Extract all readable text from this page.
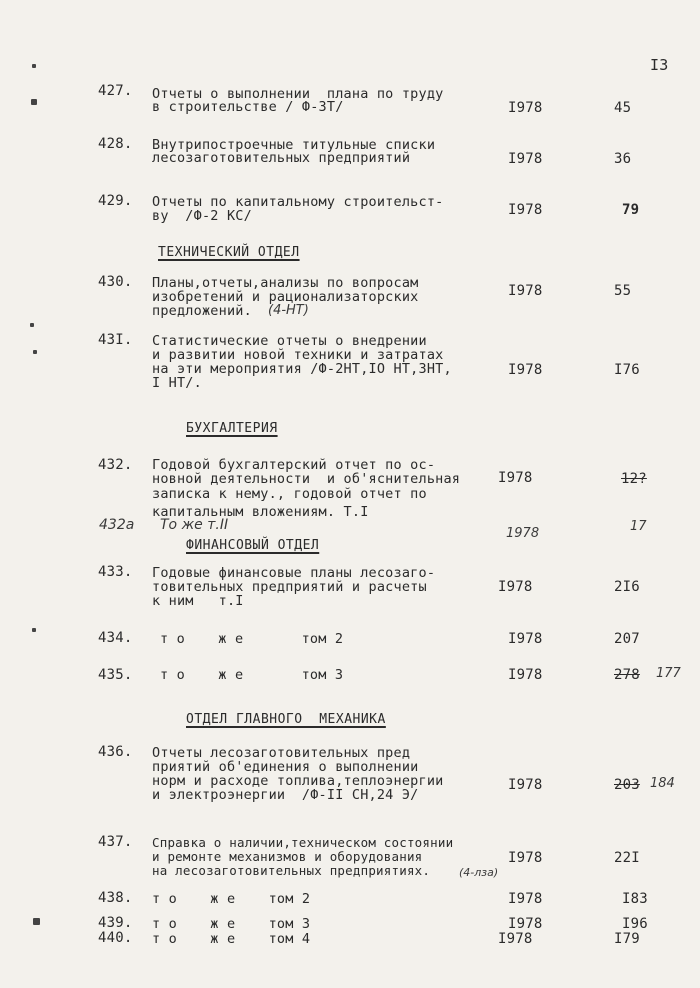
I3
427. Отчеты о выполнении  плана по труду
в строительстве / Ф-3Т/	I978	45
428. Внутрипостроечные титульные списки
лесозаготовительных предприятий	I978	36
429. Отчеты по капитальному строительст-
ву  /Ф-2 КС/	I978	79
ТЕХНИЧЕСКИЙ ОТДЕЛ
430. Планы,отчеты,анализы по вопросам
изобретений и рационализаторских
предложений. (4-НТ)
I978	55
43I. Статистические отчеты о внедрении
и развитии новой техники и затратах
на эти мероприятия /Ф-2НТ,IO НТ,3НТ,
I НТ/.
I978	I76
БУХГАЛТЕРИЯ
432. Годовой бухгалтерский отчет по ос-
новной деятельности  и об'яснительная
записка к нему., годовой отчет по
капитальным вложениям. Т.I
I978	12?
432а То же т.II
1978	17
ФИНАНСОВЫЙ ОТДЕЛ
433. Годовые финансовые планы лесозаго-
товительных предприятий и расчеты
к ним   т.I
I978	2I6
434. т о    ж е       том 2	I978	207
435. т о    ж е       том 3	I978	278 177
ОТДЕЛ ГЛАВНОГО  МЕХАНИКА
436. Отчеты лесозаготовительных пред
приятий об'единения о выполнении
норм и расходе топлива,теплоэнергии
и электроэнергии  /Ф-II СН,24 Э/
I978	203 184
437. Справка о наличии,техническом состоянии
и ремонте механизмов и оборудования
на лесозаготовительных предприятиях.	(4-лза)
I978	22I
438. т о    ж е    том 2	I978	I83
439. т о    ж е    том 3	I978	I96
440. т о    ж е    том 4	I978	I79
